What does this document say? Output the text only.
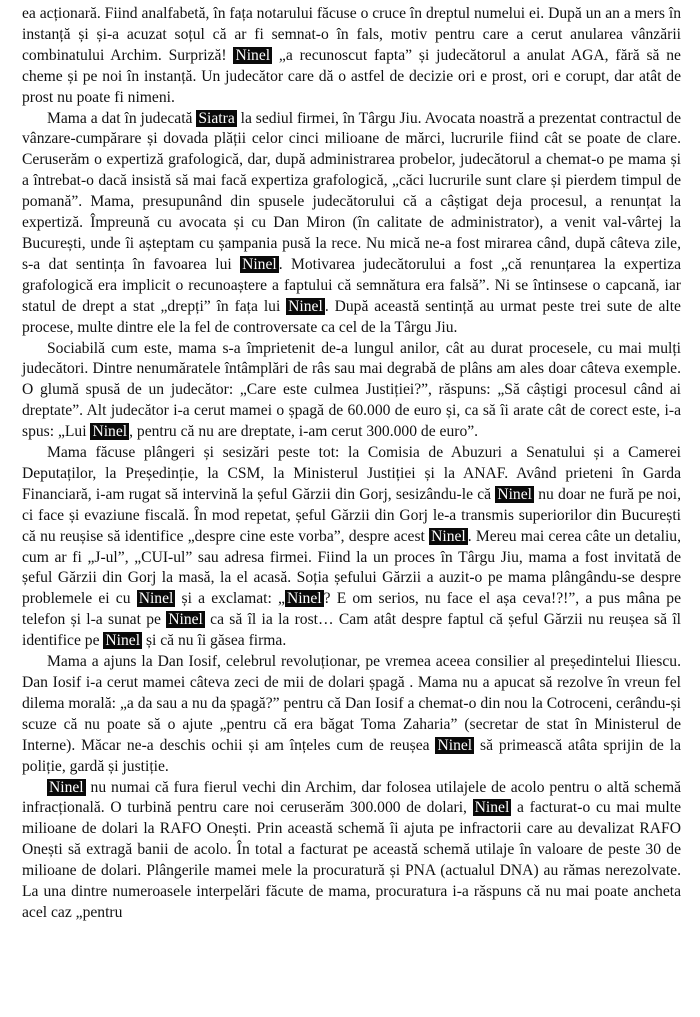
ea acționară. Fiind analfabetă, în fața notarului făcuse o cruce în dreptul numelui ei. După un an a mers în instanță și și-a acuzat soțul că ar fi semnat-o în fals, motiv pentru care a cerut anularea vânzării combinatului Archim. Surpriză! Ninel „a recunoscut fapta” și judecătorul a anulat AGA, fără să ne cheme și pe noi în instanță. Un judecător care dă o astfel de decizie ori e prost, ori e corupt, dar atât de prost nu poate fi nimeni.

Mama a dat în judecată Siatra la sediul firmei, în Târgu Jiu. Avocata noastră a prezentat contractul de vânzare-cumpărare și dovada plății celor cinci milioane de mărci, lucrurile fiind cât se poate de clare. Ceruserăm o expertiză grafologică, dar, după administrarea probelor, judecătorul a chemat-o pe mama și a întrebat-o dacă insistă să mai facă expertiza grafologică, „căci lucrurile sunt clare și pierdem timpul de pomană”. Mama, presupunând din spusele judecătorului că a câștigat deja procesul, a renunțat la expertiză. Împreună cu avocata și cu Dan Miron (în calitate de administrator), a venit val-vârtej la București, unde îi așteptam cu șampania pusă la rece. Nu mică ne-a fost mirarea când, după câteva zile, s-a dat sentința în favoarea lui Ninel . Motivarea judecătorului a fost „că renunțarea la expertiza grafologică era implicit o recunoaștere a faptului că semnătura era falsă”. Ni se întinsese o capcană, iar statul de drept a stat „drepți” în fața lui Ninel . După această sentință au urmat peste trei sute de alte procese, multe dintre ele la fel de controversate ca cel de la Târgu Jiu.

Sociabilă cum este, mama s-a împrietenit de-a lungul anilor, cât au durat procesele, cu mai mulți judecători. Dintre nenumăratele întâmplări de râs sau mai degrabă de plâns am ales doar câteva exemple. O glumă spusă de un judecător: „Care este culmea Justiției?”, răspuns: „Să câștigi procesul când ai dreptate”. Alt judecător i-a cerut mamei o șpagă de 60.000 de euro și, ca să îi arate cât de corect este, i-a spus: „Lui Ninel , pentru că nu are dreptate, i-am cerut 300.000 de euro”.

Mama făcuse plângeri și sesizări peste tot: la Comisia de Abuzuri a Senatului și a Camerei Deputaților, la Președinție, la CSM, la Ministerul Justiției și la ANAF. Având prieteni în Garda Financiară, i-am rugat să intervină la șeful Gărzii din Gorj, sesizându-le că Ninel nu doar ne fură pe noi, ci face și evaziune fiscală. În mod repetat, șeful Gărzii din Gorj le-a transmis superiorilor din București că nu reușise să identifice „despre cine este vorba”, despre acest Ninel . Mereu mai cerea câte un detaliu, cum ar fi „J-ul”, „CUI-ul” sau adresa firmei. Fiind la un proces în Târgu Jiu, mama a fost invitată de șeful Gărzii din Gorj la masă, la el acasă. Soția șefului Gărzii a auzit-o pe mama plângându-se despre problemele ei cu Ninel și a exclamat: „ Ninel ? E om serios, nu face el așa ceva!?!”, a pus mâna pe telefon și l-a sunat pe Ninel ca să îl ia la rost… Cam atât despre faptul că șeful Gărzii nu reușea să îl identifice pe Ninel și că nu îi găsea firma.

Mama a ajuns la Dan Iosif, celebrul revoluționar, pe vremea aceea consilier al președintelui Iliescu. Dan Iosif i-a cerut mamei câteva zeci de mii de dolari șpagă . Mama nu a apucat să rezolve în vreun fel dilema morală: „a da sau a nu da șpagă?” pentru că Dan Iosif a chemat-o din nou la Cotroceni, cerându-și scuze că nu poate să o ajute „pentru că era băgat Toma Zaharia” (secretar de stat în Ministerul de Interne). Măcar ne-a deschis ochii și am înțeles cum de reușea Ninel să primească atâta sprijin de la poliție, gardă și justiție.

Ninel nu numai că fura fierul vechi din Archim, dar folosea utilajele de acolo pentru o altă schemă infracțională. O turbină pentru care noi ceruserăm 300.000 de dolari, Ninel a facturat-o cu mai multe milioane de dolari la RAFO Onești. Prin această schemă îi ajuta pe infractorii care au devalizat RAFO Onești să extragă banii de acolo. În total a facturat pe această schemă utilaje în valoare de peste 30 de milioane de dolari. Plângerile mamei mele la procuratură și PNA (actualul DNA) au rămas nerezolvate. La una dintre numeroasele interpelări făcute de mama, procuratura i-a răspuns că nu mai poate ancheta acel caz „pentru
